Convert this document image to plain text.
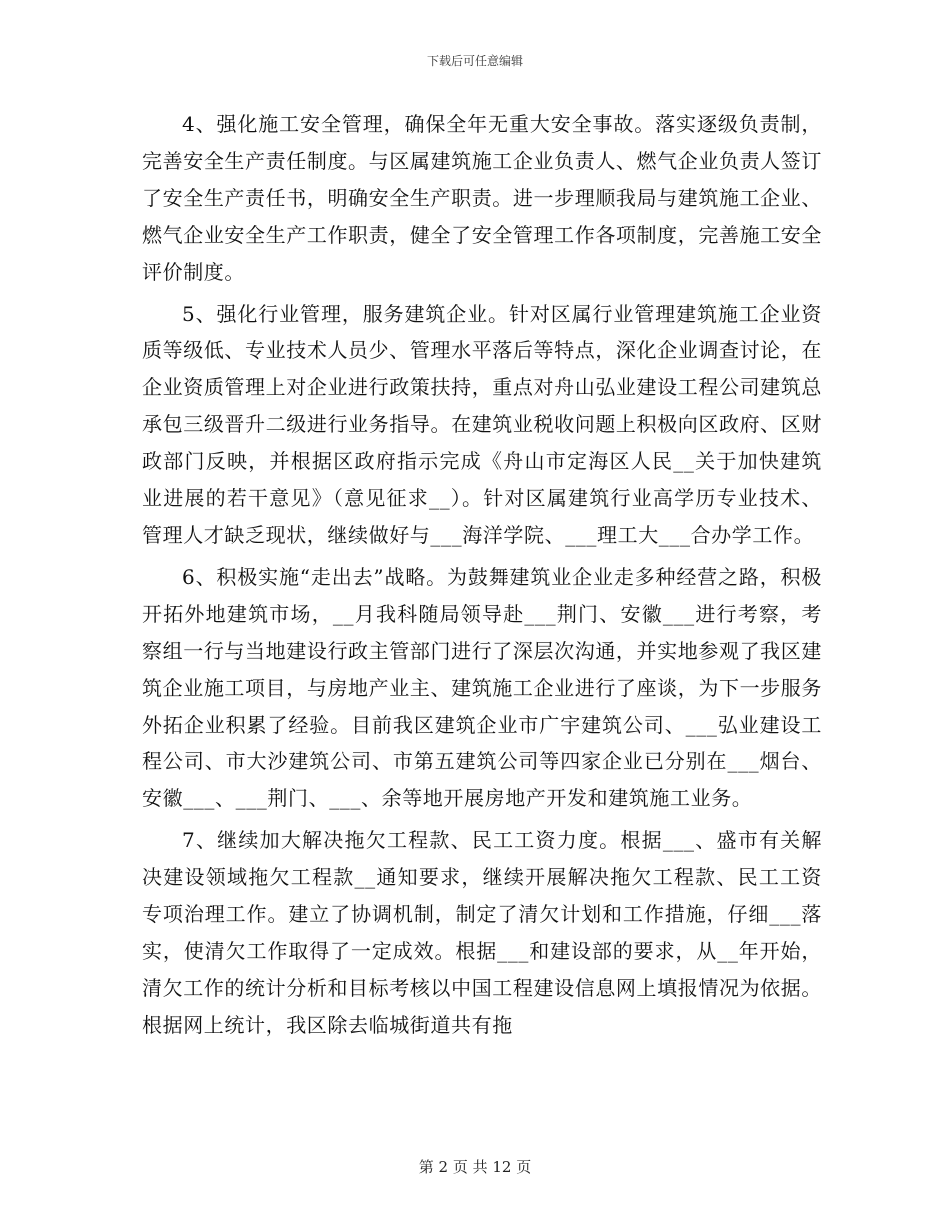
下载后可任意编辑

4、强化施工安全管理，确保全年无重大安全事故。落实逐级负责制，完善安全生产责任制度。与区属建筑施工企业负责人、燃气企业负责人签订了安全生产责任书，明确安全生产职责。进一步理顺我局与建筑施工企业、燃气企业安全生产工作职责，健全了安全管理工作各项制度，完善施工安全评价制度。

5、强化行业管理，服务建筑企业。针对区属行业管理建筑施工企业资质等级低、专业技术人员少、管理水平落后等特点，深化企业调查讨论，在企业资质管理上对企业进行政策扶持，重点对舟山弘业建设工程公司建筑总承包三级晋升二级进行业务指导。在建筑业税收问题上积极向区政府、区财政部门反映，并根据区政府指示完成《舟山市定海区人民__关于加快建筑业进展的若干意见》（意见征求__）。针对区属建筑行业高学历专业技术、管理人才缺乏现状，继续做好与___海洋学院、___理工大___合办学工作。

6、积极实施“走出去”战略。为鼓舞建筑业企业走多种经营之路，积极开拓外地建筑市场，__月我科随局领导赴___荆门、安徽___进行考察，考察组一行与当地建设行政主管部门进行了深层次沟通，并实地参观了我区建筑企业施工项目，与房地产业主、建筑施工企业进行了座谈，为下一步服务外拓企业积累了经验。目前我区建筑企业市广宇建筑公司、___弘业建设工程公司、市大沙建筑公司、市第五建筑公司等四家企业已分别在___烟台、安徽___、___荆门、___、余等地开展房地产开发和建筑施工业务。

7、继续加大解决拖欠工程款、民工工资力度。根据___、盛市有关解决建设领域拖欠工程款__通知要求，继续开展解决拖欠工程款、民工工资专项治理工作。建立了协调机制，制定了清欠计划和工作措施，仔细___落实，使清欠工作取得了一定成效。根据___和建设部的要求，从__年开始，清欠工作的统计分析和目标考核以中国工程建设信息网上填报情况为依据。根据网上统计，我区除去临城街道共有拖

第 2 页 共 12 页
